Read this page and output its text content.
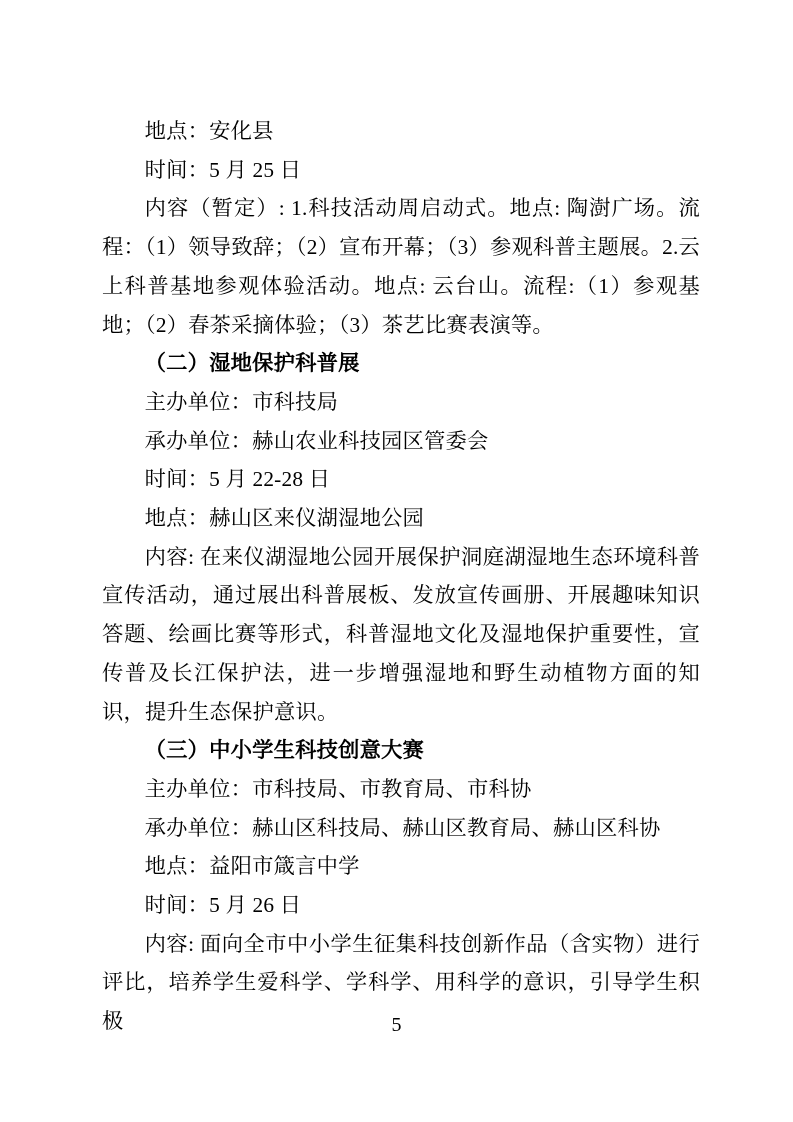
地点：安化县

时间：5 月 25 日

内容（暂定）: 1.科技活动周启动式。地点: 陶澍广场。流程：（1）领导致辞；（2）宣布开幕；（3）参观科普主题展。2.云上科普基地参观体验活动。地点: 云台山。流程:（1）参观基地；（2）春茶采摘体验；（3）茶艺比赛表演等。

（二）湿地保护科普展

主办单位：市科技局

承办单位：赫山农业科技园区管委会

时间：5 月 22-28 日

地点：赫山区来仪湖湿地公园

内容: 在来仪湖湿地公园开展保护洞庭湖湿地生态环境科普宣传活动，通过展出科普展板、发放宣传画册、开展趣味知识答题、绘画比赛等形式，科普湿地文化及湿地保护重要性，宣传普及长江保护法，进一步增强湿地和野生动植物方面的知识，提升生态保护意识。

（三）中小学生科技创意大赛

主办单位：市科技局、市教育局、市科协

承办单位：赫山区科技局、赫山区教育局、赫山区科协

地点：益阳市箴言中学

时间：5 月 26 日

内容: 面向全市中小学生征集科技创新作品（含实物）进行评比，培养学生爱科学、学科学、用科学的意识，引导学生积极	5
